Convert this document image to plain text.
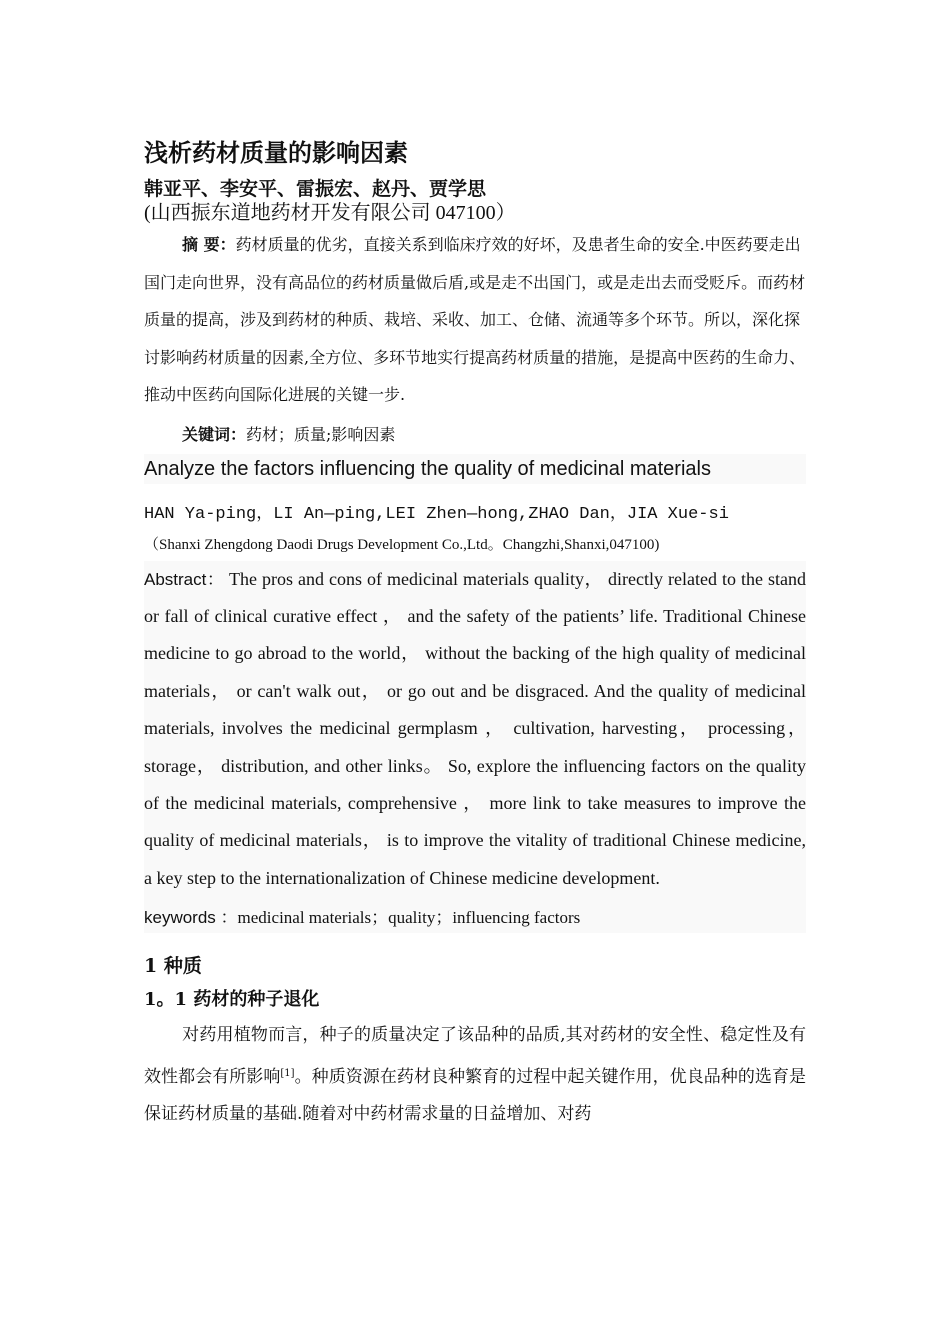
浅析药材质量的影响因素
韩亚平、李安平、雷振宏、赵丹、贾学思
(山西振东道地药材开发有限公司 047100）
摘 要：药材质量的优劣，直接关系到临床疗效的好坏，及患者生命的安全.中医药要走出国门走向世界，没有高品位的药材质量做后盾,或是走不出国门，或是走出去而受贬斥。而药材质量的提高，涉及到药材的种质、栽培、采收、加工、仓储、流通等多个环节。所以，深化探讨影响药材质量的因素,全方位、多环节地实行提高药材质量的措施，是提高中医药的生命力、推动中医药向国际化进展的关键一步.
关键词：药材；质量;影响因素
Analyze the factors influencing the quality of medicinal materials
HAN Ya-ping，LI An—ping,LEI Zhen—hong,ZHAO Dan，JIA Xue-si
（Shanxi Zhengdong Daodi Drugs Development Co.,Ltd。Changzhi,Shanxi,047100)
Abstract： The pros and cons of medicinal materials quality， directly related to the stand or fall of clinical curative effect ， and the safety of the patients’ life. Traditional Chinese medicine to go abroad to the world， without the backing of the high quality of medicinal materials， or can't walk out， or go out and be disgraced. And the quality of medicinal materials, involves the medicinal germplasm ， cultivation, harvesting， processing， storage， distribution, and other links。 So, explore the influencing factors on the quality of the medicinal materials, comprehensive ， more link to take measures to improve the quality of medicinal materials， is to improve the vitality of traditional Chinese medicine, a key step to the internationalization of Chinese medicine development.
keywords ：medicinal materials；quality；influencing factors
1 种质
1。1 药材的种子退化
对药用植物而言，种子的质量决定了该品种的品质,其对药材的安全性、稳定性及有效性都会有所影响[1]。种质资源在药材良种繁育的过程中起关键作用，优良品种的选育是保证药材质量的基础.随着对中药材需求量的日益增加、对药
